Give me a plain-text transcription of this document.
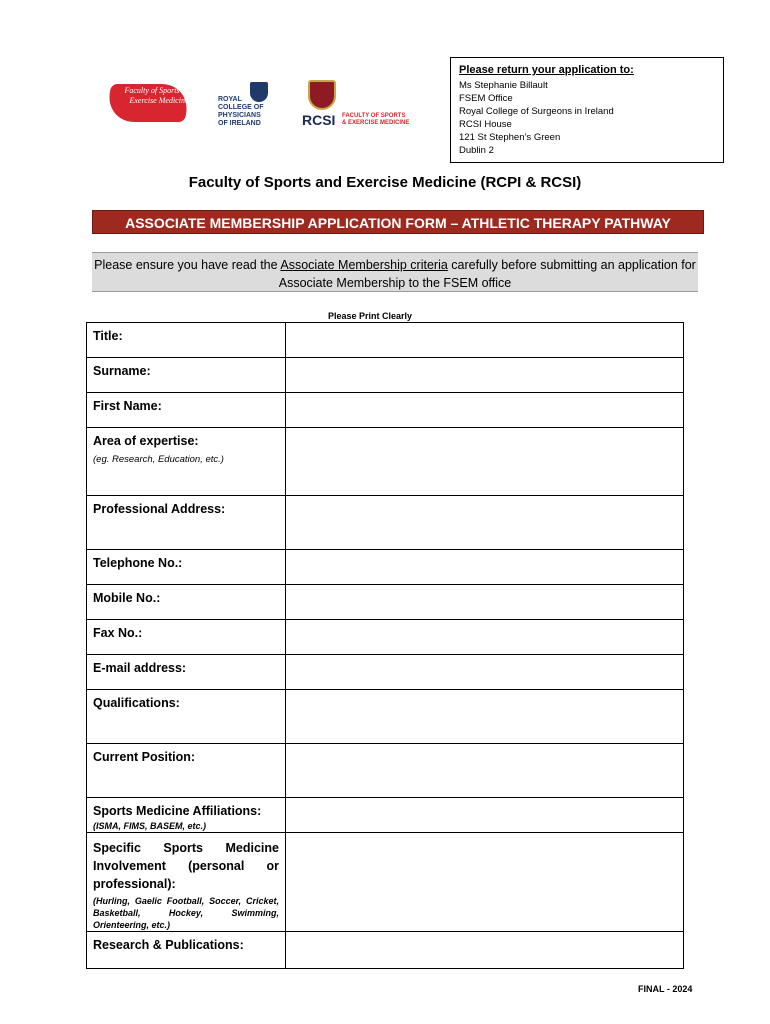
Faculty of Sports and Exercise Medicine	ROYAL
COLLEGE OF
PHYSICIANS
OF IRELAND	RCSI FACULTY OF SPORTS
& EXERCISE MEDICINE
Please return your application to:
Ms Stephanie Billault
FSEM Office
Royal College of Surgeons in Ireland
RCSI House
121 St Stephen’s Green
Dublin 2
Faculty of Sports and Exercise Medicine (RCPI & RCSI)
ASSOCIATE MEMBERSHIP APPLICATION FORM – ATHLETIC THERAPY PATHWAY
Please ensure you have read the Associate Membership criteria carefully before submitting an application for Associate Membership to the FSEM office
Please Print Clearly
Title:	
Surname:	
First Name:	

Area of expertise:
(eg. Research, Education, etc.)	

Professional Address:	
Telephone No.:	
Mobile No.:	
Fax No.:	
E-mail address:	
Qualifications:	
Current Position:	

Sports Medicine Affiliations:
(ISMA, FIMS, BASEM, etc.)	

Specific Sports Medicine Involvement (personal or professional):
(Hurling, Gaelic Football, Soccer, Cricket, Basketball, Hockey, Swimming, Orienteering, etc.)	

Research & Publications:	
FINAL - 2024
